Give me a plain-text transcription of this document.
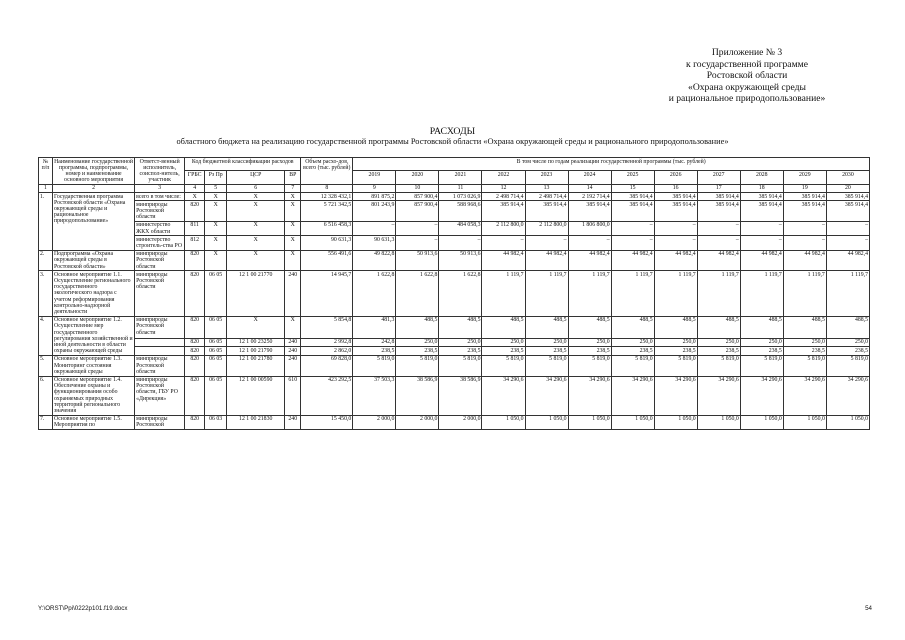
Приложение № 3
к государственной программе
Ростовской области
«Охрана окружающей среды
и рациональное природопользование»
РАСХОДЫ
областного бюджета на реализацию государственной программы Ростовской области «Охрана окружающей среды и рационального природопользование»
№ п/п	Наименование государственной программы, подпрограммы, номер и наименование основного мероприятия	Ответст-венный исполнитель, соиспол-нитель, участник	Код бюджетной классификации расходов				Объем расхо-дов, всего (тыс. рублей)	В том числе по годам реализации государственной программы (тыс. рублей)											
			ГРБС	Рз Пр	ЦСР	ВР		2019	2020	2021	2022	2023	2024	2025	2026	2027	2028	2029	2030
1	2	3	4	5	6	7	8	9	10	11	12	13	14	15	16	17	18	19	20
1.	Государственная программа Ростовской области «Охрана окружающей среды и рациональное природопользование»	всего в том числе:	Х	Х	Х	Х	12 328 432,1	891 875,2	857 900,4	1 073 026,9	2 498 714,4	2 498 714,4	2 192 714,4	385 914,4	385 914,4	385 914,4	385 914,4	385 914,4	385 914,4
		минприроды Ростовской области	820	Х	Х	Х	5 721 342,5	801 243,9	857 900,4	588 968,6	385 914,4	385 914,4	385 914,4	385 914,4	385 914,4	385 914,4	385 914,4	385 914,4	385 914,4
		министерство ЖКХ области	811	Х	Х	Х	6 516 458,3	–	–	484 058,3	2 112 800,0	2 112 800,0	1 806 800,0	–	–	–	–	–	–
		министерство строитель-ства РО	812	Х	Х	Х	90 631,3	90 631,3	–	–	–	–	–	–	–	–	–	–	–
2.	Подпрограмма «Охрана окружающей среды в Ростовской области»	минприроды Ростовской области	820	Х	Х	Х	556 491,6	49 822,8	50 913,6	50 913,6	44 982,4	44 982,4	44 982,4	44 982,4	44 982,4	44 982,4	44 982,4	44 982,4	44 982,4
3.	Основное мероприятие 1.1. Осуществление регионального государственного экологического надзора с учетом реформирования контрольно-надзорной деятельности	минприроды Ростовской области	820	06 05	12 1 00 21770	240	14 945,7	1 622,8	1 622,8	1 622,8	1 119,7	1 119,7	1 119,7	1 119,7	1 119,7	1 119,7	1 119,7	1 119,7	1 119,7
4.	Основное мероприятие 1.2. Осуществление мер государственного регулирования хозяйственной и иной деятельности в области охраны окружающей среды	минприроды Ростовской области	820	06 05	Х	Х	5 854,8	481,3	488,5	488,5	488,5	488,5	488,5	488,5	488,5	488,5	488,5	488,5	488,5
			820	06 05	12 1 00 23250	240	2 992,8	242,8	250,0	250,0	250,0	250,0	250,0	250,0	250,0	250,0	250,0	250,0	250,0
			820	06 05	12 1 00 21790	240	2 862,0	238,5	238,5	238,5	238,5	238,5	238,5	238,5	238,5	238,5	238,5	238,5	238,5
5.	Основное мероприятие 1.3. Мониторинг состояния окружающей среды	минприроды Ростовской области	820	06 05	12 1 00 21780	240	69 828,0	5 819,0	5 819,0	5 819,0	5 819,0	5 819,0	5 819,0	5 819,0	5 819,0	5 819,0	5 819,0	5 819,0	5 819,0
6.	Основное мероприятие 1.4. Обеспечение охраны и функционирования особо охраняемых природных территорий регионального значения	минприроды Ростовской области, ГБУ РО «Дирекция»	820	06 05	12 1 00 00590	610	423 292,5	37 503,3	38 586,9	38 586,9	34 290,6	34 290,6	34 290,6	34 290,6	34 290,6	34 290,6	34 290,6	34 290,6	34 290,6
7.	Основное мероприятие 1.5. Мероприятия по	минприроды Ростовской	820	06 03	12 1 00 21830	240	15 450,0	2 000,0	2 000,0	2 000,0	1 050,0	1 050,0	1 050,0	1 050,0	1 050,0	1 050,0	1 050,0	1 050,0	1 050,0
Y:\ORST\Ppi\0222p101.f19.docx	54
